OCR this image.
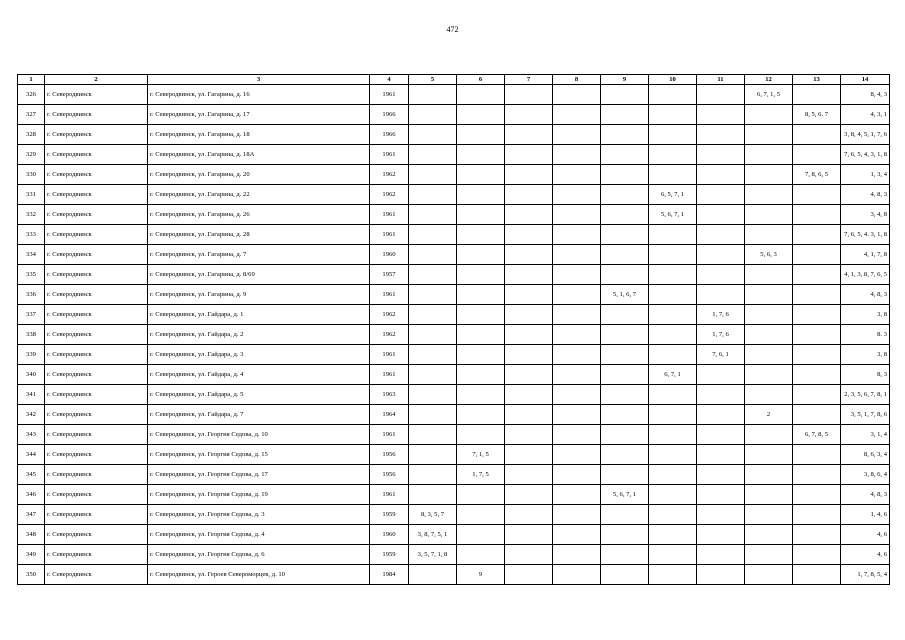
472
1	2	3	4	5	6	7	8	9	10	11	12	13	14
326	г. Северодвинск	г. Северодвинск, ул. Гагарина, д. 16	1961								6, 7, 1, 5		8, 4, 3
327	г. Северодвинск	г. Северодвинск, ул. Гагарина, д. 17	1966									8, 5, 6. 7	4, 3, 1
328	г. Северодвинск	г. Северодвинск, ул. Гагарина, д. 18	1966										3, 8, 4, 5, 1, 7, 6
329	г. Северодвинск	г. Северодвинск, ул. Гагарина, д. 18А	1961										7, 6, 5, 4, 3, 1, 8
330	г. Северодвинск	г. Северодвинск, ул. Гагарина, д. 20	1962									7, 8, 6, 5	1, 3, 4
331	г. Северодвинск	г. Северодвинск, ул. Гагарина, д. 22	1962						6, 5, 7, 1				4, 8, 3
332	г. Северодвинск	г. Северодвинск, ул. Гагарина, д. 26	1961						5, 6, 7, 1				3, 4, 8
333	г. Северодвинск	г. Северодвинск, ул. Гагарина, д. 28	1961										7, 6, 5, 4. 3, 1, 8
334	г. Северодвинск	г. Северодвинск, ул. Гагарина, д. 7	1960								5, 6, 3		4, 1, 7, 8
335	г. Северодвинск	г. Северодвинск, ул. Гагарина, д. 8/69	1957										4, 1, 3, 8, 7, 6, 5
336	г. Северодвинск	г. Северодвинск, ул. Гагарина, д. 9	1961					5, 1, 6, 7					4, 8, 3
337	г. Северодвинск	г. Северодвинск, ул. Гайдара, д. 1	1962							1, 7, 6			3, 8
338	г. Северодвинск	г. Северодвинск, ул. Гайдара, д. 2	1962							1, 7, 6			8. 3
339	г. Северодвинск	г. Северодвинск, ул. Гайдара, д. 3	1961							7, 6, 1			3, 8
340	г. Северодвинск	г. Северодвинск, ул. Гайдара, д. 4	1961						6, 7, 1				8, 3
341	г. Северодвинск	г. Северодвинск, ул. Гайдара, д. 5	1963										2, 3, 5, 6, 7, 8, 1
342	г. Северодвинск	г. Северодвинск, ул. Гайдара, д. 7	1964								2		3, 5, 1, 7, 8, 6
343	г. Северодвинск	г. Северодвинск, ул. Георгия Седова, д. 10	1961									6, 7, 8, 5	3, 1, 4
344	г. Северодвинск	г. Северодвинск, ул. Георгия Седова, д. 15	1956		7, 1, 5								8, 6, 3, 4
345	г. Северодвинск	г. Северодвинск, ул. Георгия Седова, д. 17	1956		1, 7, 5								3, 8, 6, 4
346	г. Северодвинск	г. Северодвинск, ул. Георгия Седова, д. 19	1961					5, 6, 7, 1					4, 8, 3
347	г. Северодвинск	г. Северодвинск, ул. Георгия Седова, д. 3	1959	8, 3, 5, 7									1, 4, 6
348	г. Северодвинск	г. Северодвинск, ул. Георгия Седова, д. 4	1960	3, 8, 7, 5, 1									4, 6
349	г. Северодвинск	г. Северодвинск, ул. Георгия Седова, д. 6	1959	3, 5, 7, 1, 8									4, 6
350	г. Северодвинск	г. Северодвинск, ул. Героев Североморцев, д. 10	1984		9								1, 7, 8, 5, 4
